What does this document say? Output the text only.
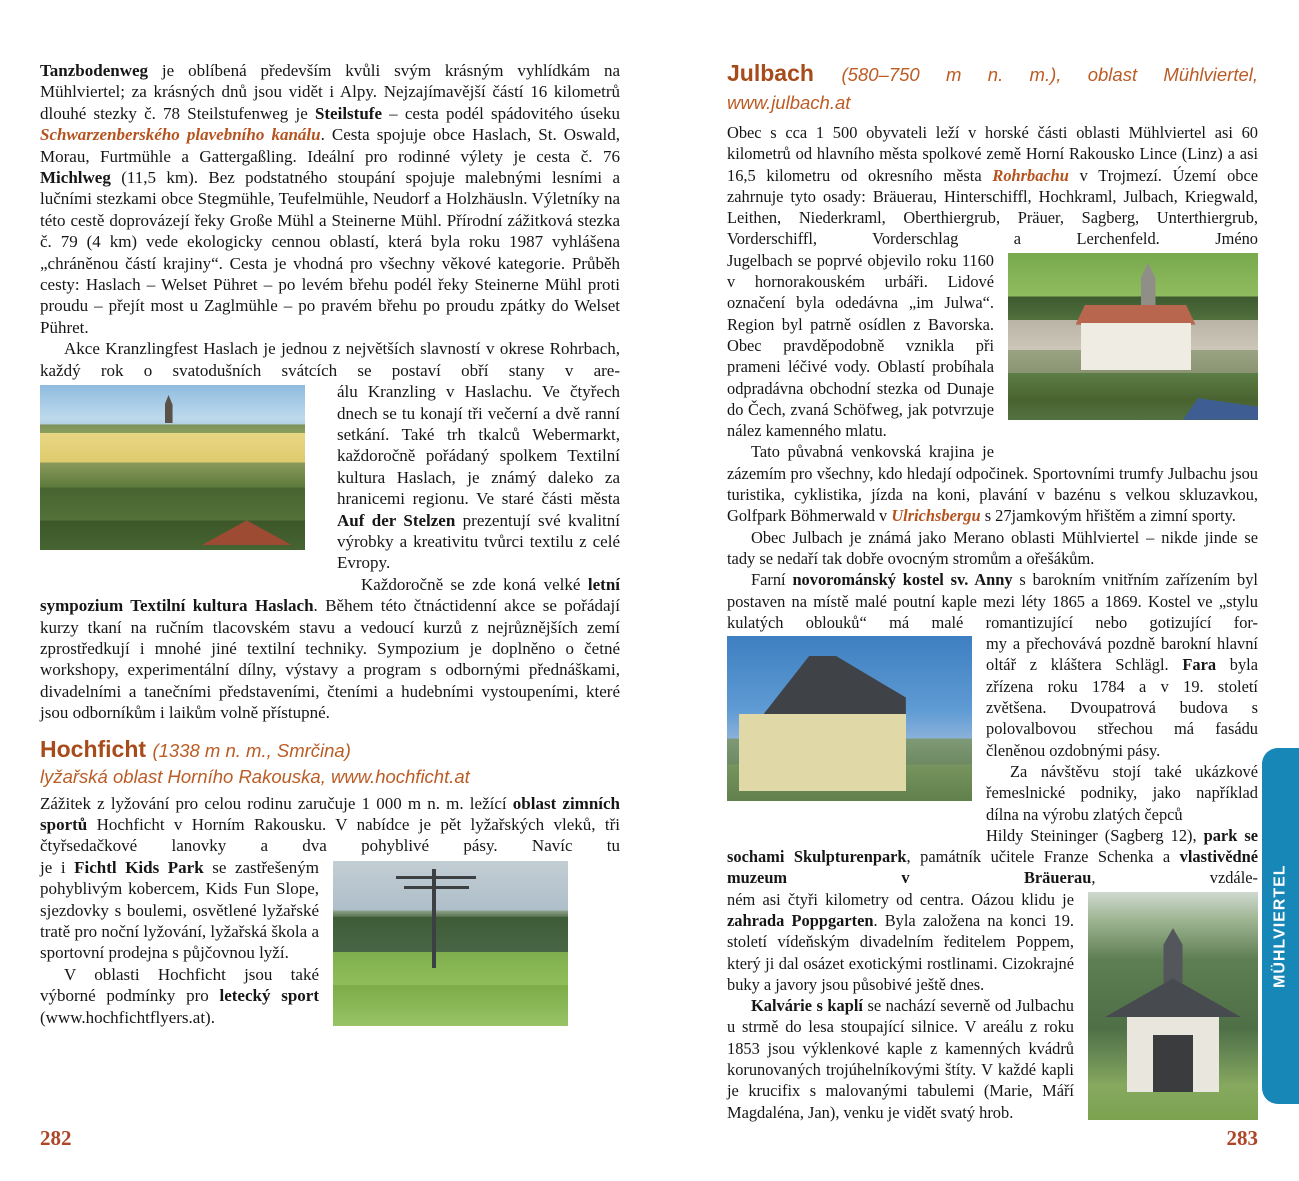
Tanzbodenweg je oblíbená především kvůli svým krásným vyhlídkám na Mühlviertel; za krásných dnů jsou vidět i Alpy. Nejzajímavější částí 16 kilometrů dlouhé stezky č. 78 Steilstufenweg je Steilstufe – cesta podél spádovitého úseku Schwarzenberského plavebního kanálu. Cesta spojuje obce Haslach, St. Oswald, Morau, Furtmühle a Gattergaßling. Ideální pro rodinné výlety je cesta č. 76 Michlweg (11,5 km). Bez podstatného stoupání spojuje malebnými lesními a lučními stezkami obce Stegmühle, Teufelmühle, Neudorf a Holzhäusln. Výletníky na této cestě doprovázejí řeky Große Mühl a Steinerne Mühl. Přírodní zážitková stezka č. 79 (4 km) vede ekologicky cennou oblastí, která byla roku 1987 vyhlášena „chráněnou částí krajiny“. Cesta je vhodná pro všechny věkové kategorie. Průběh cesty: Haslach – Welset Pühret – po levém břehu podél řeky Steinerne Mühl proti proudu – přejít most u Zaglmühle – po pravém břehu po proudu zpátky do Welset Pühret.

Akce Kranzlingfest Haslach je jednou z největších slavností v okrese Rohrbach, každý rok o svatodušních svátcích se postaví obří stany v are-

álu Kranzling v Haslachu. Ve čtyřech dnech se tu konají tři večerní a dvě ranní setkání. Také trh tkalců Webermarkt, každoročně pořádaný spolkem Textilní kultura Haslach, je známý daleko za hranicemi regionu. Ve staré části města Auf der Stelzen prezentují své kvalitní výrobky a kreativitu tvůrci textilu z celé Evropy.

Každoročně se zde koná velké letní sympozium Textilní kultura Haslach. Během této čtnáctidenní akce se pořádají kurzy tkaní na ručním tlacovském stavu a vedoucí kurzů z nejrůznějších zemí zprostředkují i mnohé jiné textilní techniky. Sympozium je doplněno o četné workshopy, experimentální dílny, výstavy a program s odbornými přednáškami, divadelními a tanečními představeními, čteními a hudebními vystoupeními, které jsou odborníkům i laikům volně přístupné.

Hochficht (1338 m n. m., Smrčina)
lyžařská oblast Horního Rakouska, www.hochficht.at

Zážitek z lyžování pro celou rodinu zaručuje 1 000 m n. m. ležící oblast zimních sportů Hochficht v Horním Rakousku. V nabídce je pět lyžařských vleků, tři čtyřsedačkové lanovky a dva pohyblivé pásy. Navíc tu

je i Fichtl Kids Park se zastřešeným pohyblivým kobercem, Kids Fun Slope, sjezdovky s boulemi, osvětlené lyžařské tratě pro noční lyžování, lyžařská škola a sportovní prodejna s půjčovnou lyží.

V oblasti Hochficht jsou také výborné podmínky pro letecký sport (www.hochfichtflyers.at).

Julbach (580–750 m n. m.), oblast Mühlviertel, www.julbach.at

Obec s cca 1 500 obyvateli leží v horské části oblasti Mühlviertel asi 60 kilometrů od hlavního města spolkové země Horní Rakousko Lince (Linz) a asi 16,5 kilometru od okresního města Rohrbachu v Trojmezí. Území obce zahrnuje tyto osady: Bräuerau, Hinterschiffl, Hochkraml, Julbach, Kriegwald, Leithen, Niederkraml, Oberthiergrub, Präuer, Sagberg, Unterthiergrub, Vorderschiffl, Vorderschlag a Lerchenfeld. Jméno

Jugelbach se poprvé objevilo roku 1160 v hornorakouském urbáři. Lidové označení byla odedávna „im Julwa“. Region byl patrně osídlen z Bavorska. Obec pravděpodobně vznikla při prameni léčivé vody. Oblastí probíhala odpradávna obchodní stezka od Dunaje do Čech, zvaná Schöfweg, jak potvrzuje nález kamenného mlatu.

Tato půvabná venkovská krajina je zázemím pro všechny, kdo hledají odpočinek. Sportovními trumfy Julbachu jsou turistika, cyklistika, jízda na koni, plavání v bazénu s velkou skluzavkou, Golfpark Böhmerwald v Ulrichsbergu s 27jamkovým hřištěm a zimní sporty.

Obec Julbach je známá jako Merano oblasti Mühlviertel – nikde jinde se tady se nedaří tak dobře ovocným stromům a ořešákům.

Farní novorománský kostel sv. Anny s barokním vnitřním zařízením byl postaven na místě malé poutní kaple mezi léty 1865 a 1869. Kostel ve „stylu kulatých oblouků“ má malé romantizující nebo gotizující for-

my a přechovává pozdně barokní hlavní oltář z kláštera Schlägl. Fara byla zřízena roku 1784 a v 19. století zvětšena. Dvoupatrová budova s polovalbovou střechou má fasádu členěnou ozdobnými pásy.

Za návštěvu stojí také ukázkové řemeslnické podniky, jako například dílna na výrobu zlatých čepců

Hildy Steininger (Sagberg 12), park se sochami Skulpturenpark, památník učitele Franze Schenka a vlastivědné muzeum v Bräuerau, vzdále-

ném asi čtyři kilometry od centra. Oázou klidu je zahrada Poppgarten. Byla založena na konci 19. století vídeňským divadelním ředitelem Poppem, který ji dal osázet exotickými rostlinami. Cizokrajné buky a javory jsou působivé ještě dnes.

Kalvárie s kaplí se nachází severně od Julbachu u strmě do lesa stoupající silnice. V areálu z roku 1853 jsou výklenkové kaple z kamenných kvádrů korunovaných trojúhelníkovými štíty. V každé kapli je krucifix s malovanými tabulemi (Marie, Máří Magdaléna, Jan), venku je vidět svatý hrob.

MÜHLVIERTEL
282	283
